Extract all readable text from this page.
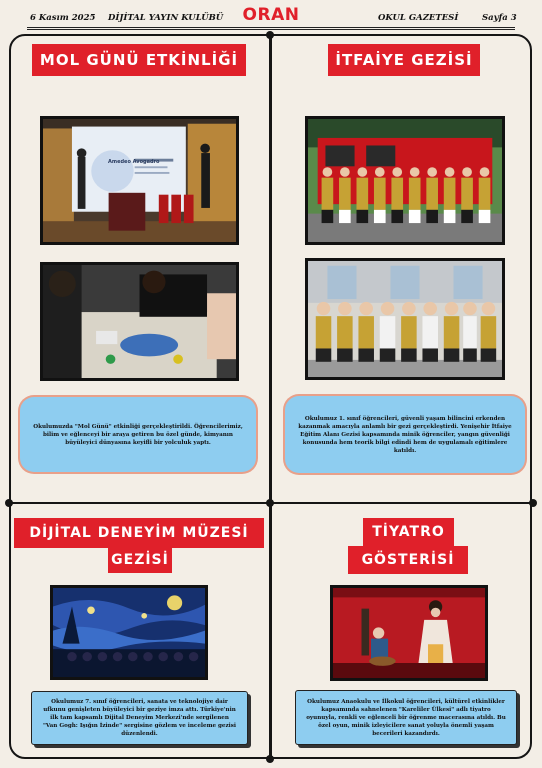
6 Kasım 2025 DİJİTAL YAYIN KULÜBÜ	ORAN	OKUL GAZETESİ	Sayfa 3
MOL GÜNÜ ETKİNLİĞİ
Amedeo Avogadro
Okulumuzda "Mol Günü" etkinliği gerçekleştirildi. Öğrencilerimiz, bilim ve eğlenceyi bir araya getiren bu özel günde, kimyanın büyüleyici dünyasına keyifli bir yolculuk yaptı.
İTFAİYE GEZİSİ
Okulumuz 1. sınıf öğrencileri, güvenli yaşam bilincini erkenden kazanmak amacıyla anlamlı bir gezi gerçekleştirdi. Yenişehir İtfaiye Eğitim Alanı Gezisi kapsamında minik öğrenciler, yangın güvenliği konusunda hem teorik bilgi edindi hem de uygulamalı eğitimlere katıldı.
DİJİTAL DENEYİM MÜZESİ
GEZİSİ
Okulumuz 7. sınıf öğrencileri, sanata ve teknolojiye dair ufkunu genişleten büyüleyici bir geziye imza attı. Türkiye'nin ilk tam kapsamlı Dijital Deneyim Merkezi'nde sergilenen "Van Gogh: Işığın İzinde" sergisine gözlem ve inceleme gezisi düzenlendi.
TİYATRO
GÖSTERİSİ
Okulumuz Anaokulu ve İlkokul öğrencileri, kültürel etkinlikler kapsamında sahnelenen "Kareliler Ülkesi" adlı tiyatro oyunuyla, renkli ve eğlenceli bir öğrenme macerasına atıldı. Bu özel oyun, minik izleyicilere sanat yoluyla önemli yaşam becerileri kazandırdı.
